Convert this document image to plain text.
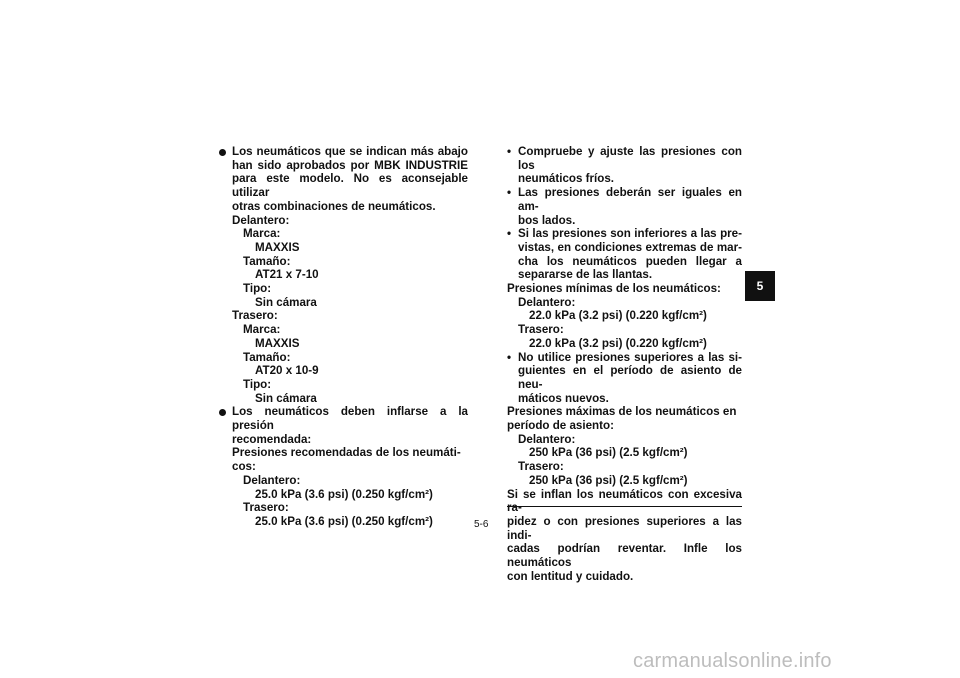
Los neumáticos que se indican más abajo
han sido aprobados por MBK INDUSTRIE
para este modelo. No es aconsejable utilizar
otras combinaciones de neumáticos.
Delantero:
Marca:
MAXXIS
Tamaño:
AT21 x 7-10
Tipo:
Sin cámara
Trasero:
Marca:
MAXXIS
Tamaño:
AT20 x 10-9
Tipo:
Sin cámara
Los neumáticos deben inflarse a la presión
recomendada:
Presiones recomendadas de los neumáti-
cos:
Delantero:
25.0 kPa (3.6 psi) (0.250 kgf/cm²)
Trasero:
25.0 kPa (3.6 psi) (0.250 kgf/cm²)
• Compruebe y ajuste las presiones con los
neumáticos fríos.
• Las presiones deberán ser iguales en am-
bos lados.
• Si las presiones son inferiores a las pre-
vistas, en condiciones extremas de mar-
cha los neumáticos pueden llegar a
separarse de las llantas.
Presiones mínimas de los neumáticos:
Delantero:
22.0 kPa (3.2 psi) (0.220 kgf/cm²)
Trasero:
22.0 kPa (3.2 psi) (0.220 kgf/cm²)
• No utilice presiones superiores a las si-
guientes en el período de asiento de neu-
máticos nuevos.
Presiones máximas de los neumáticos en
período de asiento:
Delantero:
250 kPa (36 psi) (2.5 kgf/cm²)
Trasero:
250 kPa (36 psi) (2.5 kgf/cm²)
Si se inflan los neumáticos con excesiva ra-
pidez o con presiones superiores a las indi-
cadas podrían reventar. Infle los neumáticos
con lentitud y cuidado.
5-6
5
carmanualsonline.info
